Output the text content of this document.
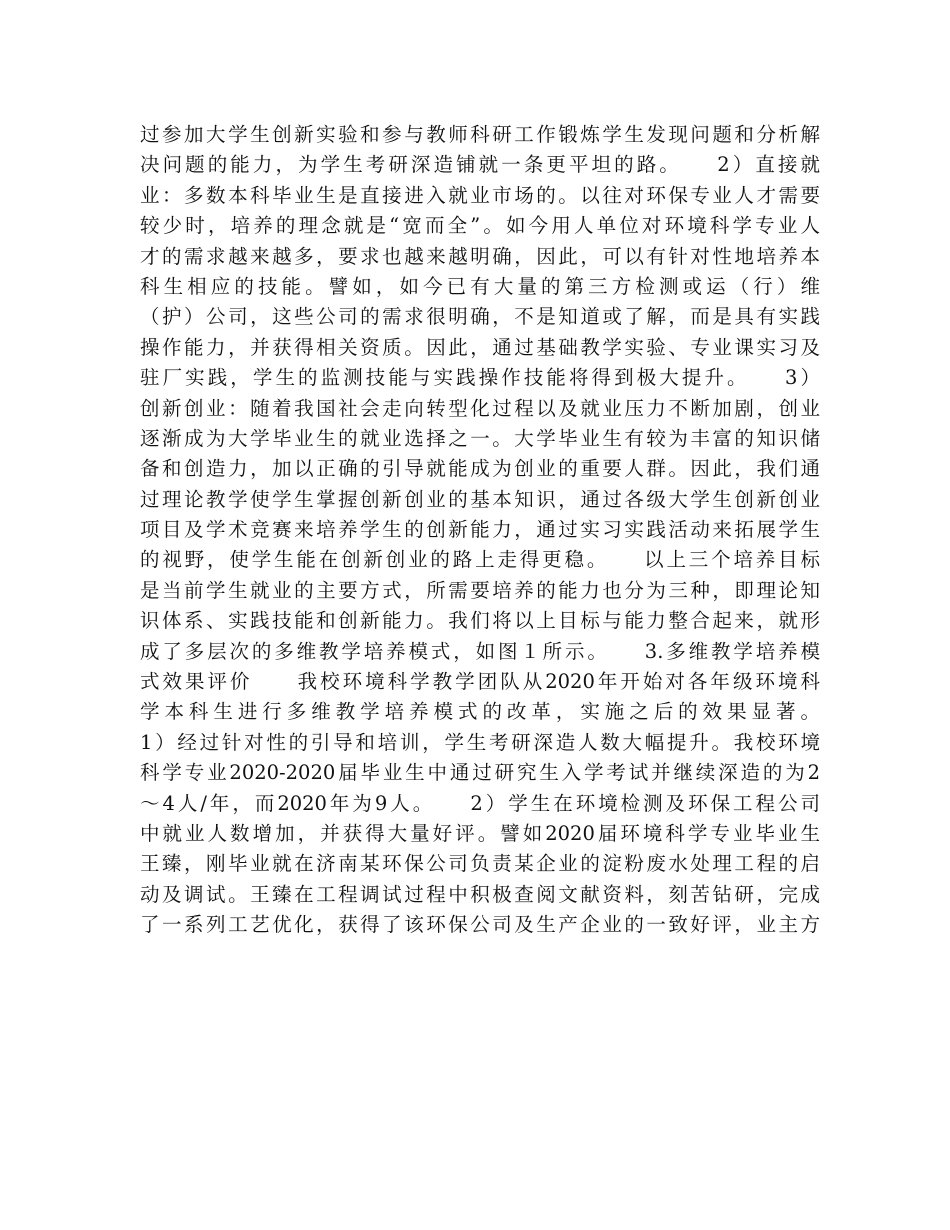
过参加大学生创新实验和参与教师科研工作锻炼学生发现问题和分析解
决问题的能力，为学生考研深造铺就一条更平坦的路。　　2）直接就
业：多数本科毕业生是直接进入就业市场的。以往对环保专业人才需要
较少时，培养的理念就是“宽而全”。如今用人单位对环境科学专业人
才的需求越来越多，要求也越来越明确，因此，可以有针对性地培养本
科生相应的技能。譬如，如今已有大量的第三方检测或运（行）维
（护）公司，这些公司的需求很明确，不是知道或了解，而是具有实践
操作能力，并获得相关资质。因此，通过基础教学实验、专业课实习及
驻厂实践，学生的监测技能与实践操作技能将得到极大提升。　　3）
创新创业：随着我国社会走向转型化过程以及就业压力不断加剧，创业
逐渐成为大学毕业生的就业选择之一。大学毕业生有较为丰富的知识储
备和创造力，加以正确的引导就能成为创业的重要人群。因此，我们通
过理论教学使学生掌握创新创业的基本知识，通过各级大学生创新创业
项目及学术竞赛来培养学生的创新能力，通过实习实践活动来拓展学生
的视野，使学生能在创新创业的路上走得更稳。　　以上三个培养目标
是当前学生就业的主要方式，所需要培养的能力也分为三种，即理论知
识体系、实践技能和创新能力。我们将以上目标与能力整合起来，就形
成了多层次的多维教学培养模式，如图１所示。　　3.多维教学培养模
式效果评价　　我校环境科学教学团队从2020年开始对各年级环境科
学本科生进行多维教学培养模式的改革，实施之后的效果显著。
1）经过针对性的引导和培训，学生考研深造人数大幅提升。我校环境
科学专业2020-2020届毕业生中通过研究生入学考试并继续深造的为2
～4人/年，而2020年为9人。　　2）学生在环境检测及环保工程公司
中就业人数增加，并获得大量好评。譬如2020届环境科学专业毕业生
王臻，刚毕业就在济南某环保公司负责某企业的淀粉废水处理工程的启
动及调试。王臻在工程调试过程中积极查阅文献资料，刻苦钻研，完成
了一系列工艺优化，获得了该环保公司及生产企业的一致好评，业主方
